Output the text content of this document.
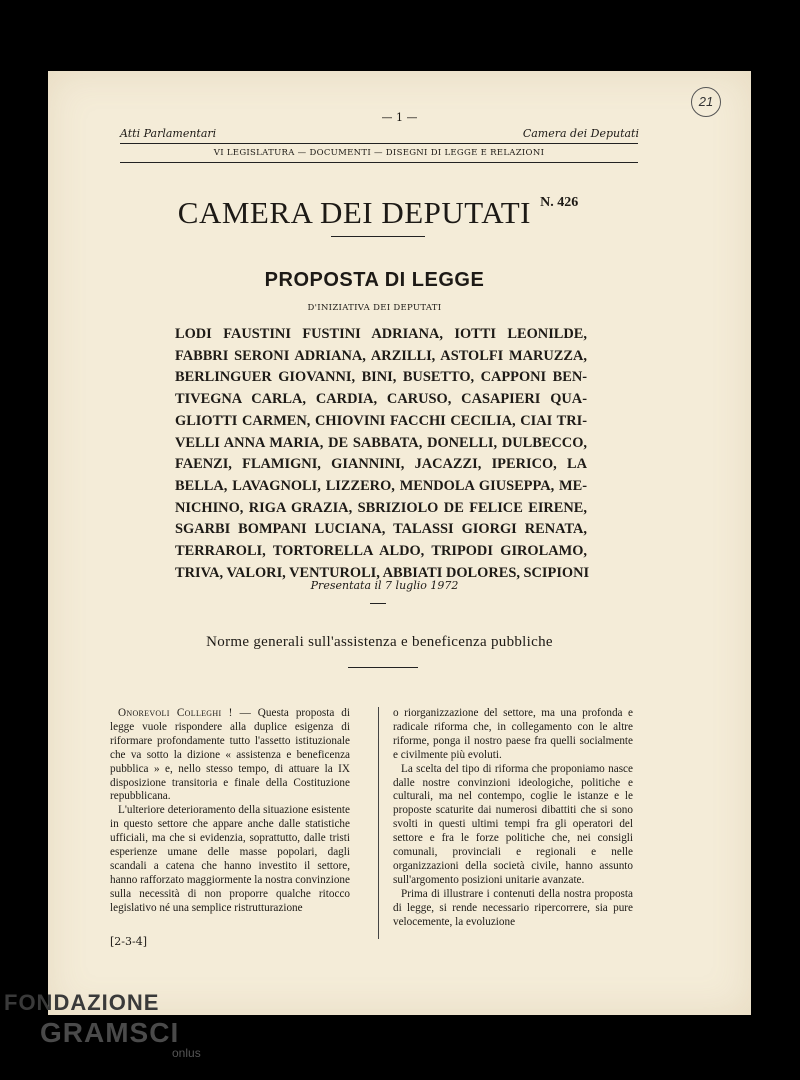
21
— 1 —
Atti Parlamentari	Camera dei Deputati
VI LEGISLATURA — DOCUMENTI — DISEGNI DI LEGGE E RELAZIONI
CAMERA DEI DEPUTATI N. 426
PROPOSTA DI LEGGE
D'INIZIATIVA DEI DEPUTATI
LODI FAUSTINI FUSTINI ADRIANA, IOTTI LEONILDE,
FABBRI SERONI ADRIANA, ARZILLI, ASTOLFI MARUZZA,
BERLINGUER GIOVANNI, BINI, BUSETTO, CAPPONI BEN-
TIVEGNA CARLA, CARDIA, CARUSO, CASAPIERI QUA-
GLIOTTI CARMEN, CHIOVINI FACCHI CECILIA, CIAI TRI-
VELLI ANNA MARIA, DE SABBATA, DONELLI, DULBECCO,
FAENZI, FLAMIGNI, GIANNINI, JACAZZI, IPERICO, LA
BELLA, LAVAGNOLI, LIZZERO, MENDOLA GIUSEPPA, ME-
NICHINO, RIGA GRAZIA, SBRIZIOLO DE FELICE EIRENE,
SGARBI BOMPANI LUCIANA, TALASSI GIORGI RENATA,
TERRAROLI, TORTORELLA ALDO, TRIPODI GIROLAMO,
TRIVA, VALORI, VENTUROLI, ABBIATI DOLORES, SCIPIONI
Presentata il 7 luglio 1972
Norme generali sull'assistenza e beneficenza pubbliche

Onorevoli Colleghi ! — Questa proposta di legge vuole rispondere alla duplice esigenza di riformare profondamente tutto l'assetto istituzionale che va sotto la dizione « assistenza e beneficenza pubblica » e, nello stesso tempo, di attuare la IX disposizione transitoria e finale della Costituzione repubblicana.

L'ulteriore deterioramento della situazione esistente in questo settore che appare anche dalle statistiche ufficiali, ma che si evidenzia, soprattutto, dalle tristi esperienze umane delle masse popolari, dagli scandali a catena che hanno investito il settore, hanno rafforzato maggiormente la nostra convinzione sulla necessità di non proporre qualche ritocco legislativo né una semplice ristrutturazione

o riorganizzazione del settore, ma una profonda e radicale riforma che, in collegamento con le altre riforme, ponga il nostro paese fra quelli socialmente e civilmente più evoluti.

La scelta del tipo di riforma che proponiamo nasce dalle nostre convinzioni ideologiche, politiche e culturali, ma nel contempo, coglie le istanze e le proposte scaturite dai numerosi dibattiti che si sono svolti in questi ultimi tempi fra gli operatori del settore e fra le forze politiche che, nei consigli comunali, provinciali e regionali e nelle organizzazioni della società civile, hanno assunto sull'argomento posizioni unitarie avanzate.

Prima di illustrare i contenuti della nostra proposta di legge, si rende necessario ripercorrere, sia pure velocemente, la evoluzione

[2-3-4]
FONDAZIONE
GRAMSCI
onlus
